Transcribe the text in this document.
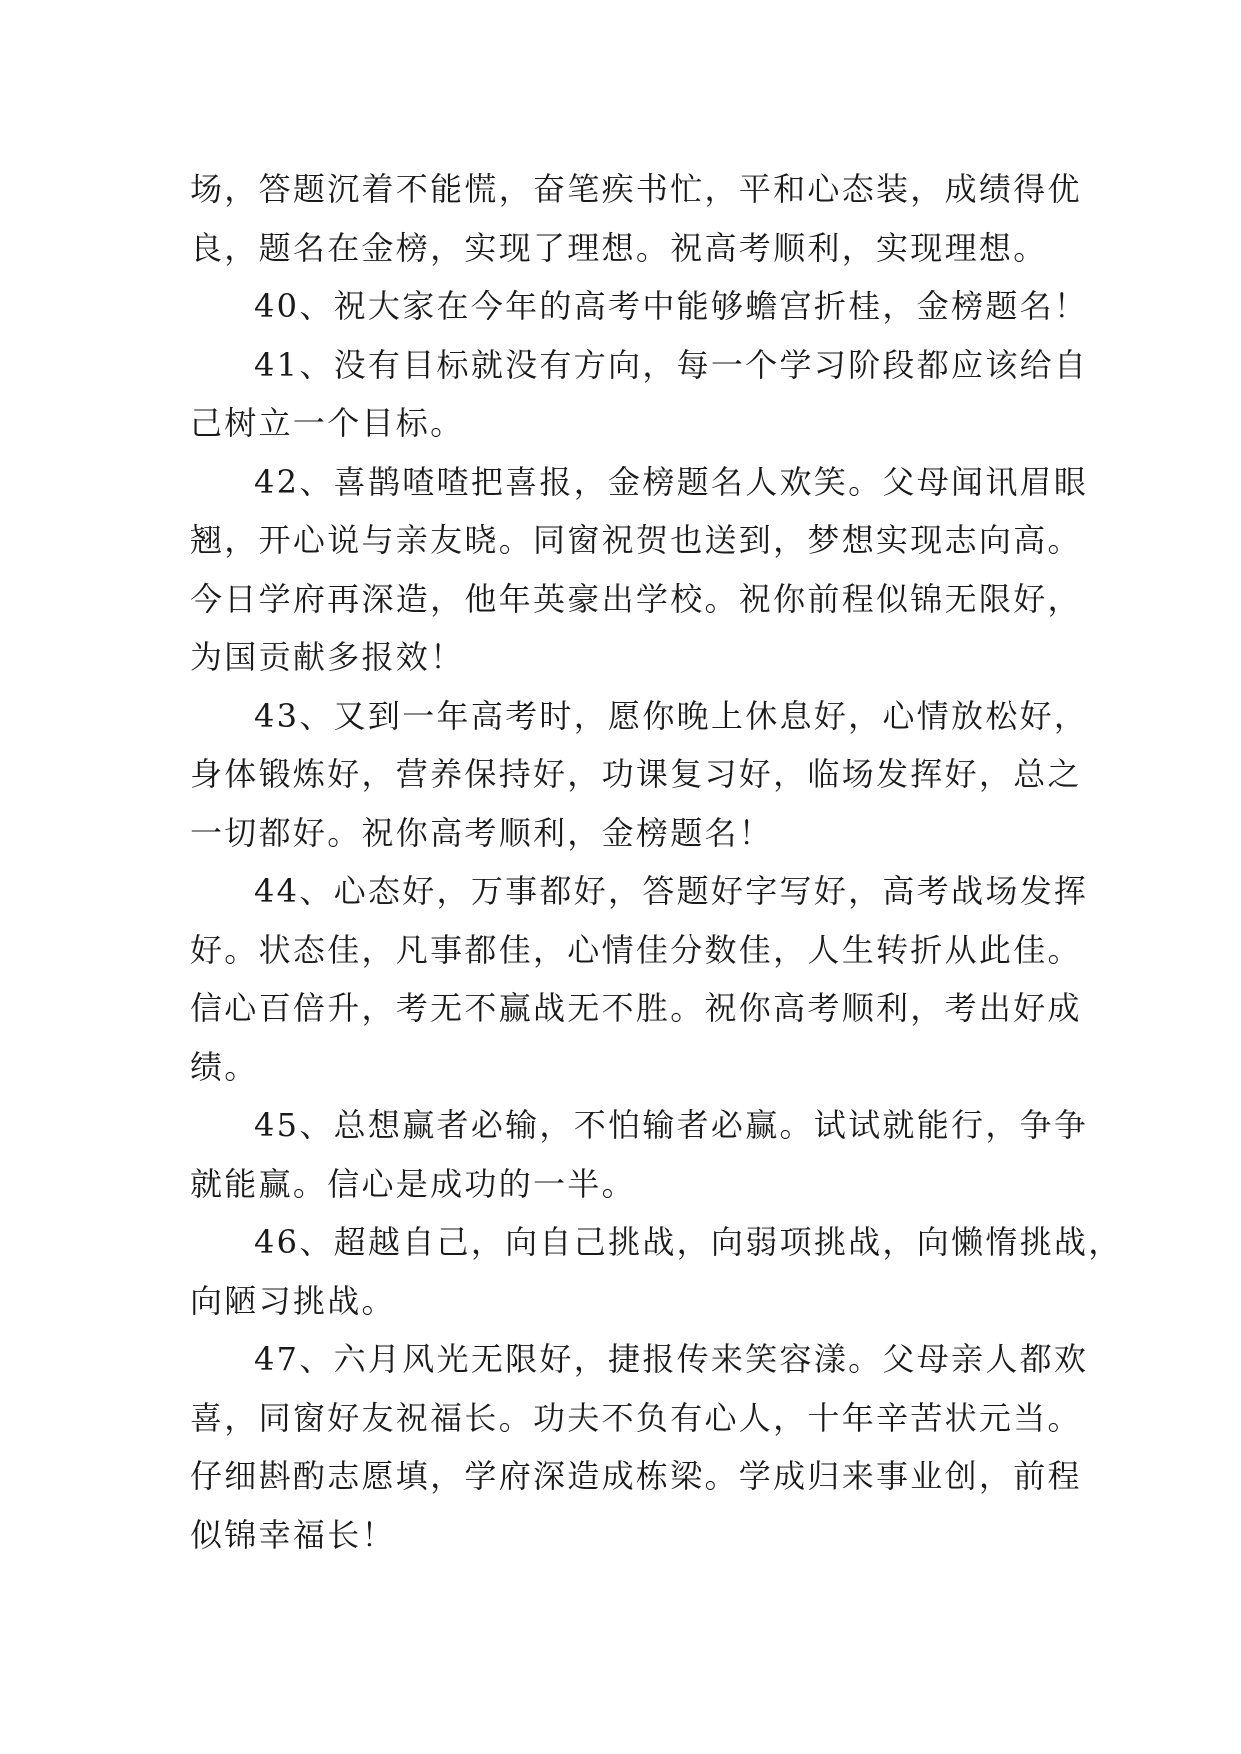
场，答题沉着不能慌，奋笔疾书忙，平和心态装，成绩得优
良，题名在金榜，实现了理想。祝高考顺利，实现理想。
40、祝大家在今年的高考中能够蟾宫折桂，金榜题名！
41、没有目标就没有方向，每一个学习阶段都应该给自
己树立一个目标。
42、喜鹊喳喳把喜报，金榜题名人欢笑。父母闻讯眉眼
翘，开心说与亲友晓。同窗祝贺也送到，梦想实现志向高。
今日学府再深造，他年英豪出学校。祝你前程似锦无限好，
为国贡献多报效！
43、又到一年高考时，愿你晚上休息好，心情放松好，
身体锻炼好，营养保持好，功课复习好，临场发挥好，总之
一切都好。祝你高考顺利，金榜题名！
44、心态好，万事都好，答题好字写好，高考战场发挥
好。状态佳，凡事都佳，心情佳分数佳，人生转折从此佳。
信心百倍升，考无不赢战无不胜。祝你高考顺利，考出好成
绩。
45、总想赢者必输，不怕输者必赢。试试就能行，争争
就能赢。信心是成功的一半。
46、超越自己，向自己挑战，向弱项挑战，向懒惰挑战，
向陋习挑战。
47、六月风光无限好，捷报传来笑容漾。父母亲人都欢
喜，同窗好友祝福长。功夫不负有心人，十年辛苦状元当。
仔细斟酌志愿填，学府深造成栋梁。学成归来事业创，前程
似锦幸福长！
